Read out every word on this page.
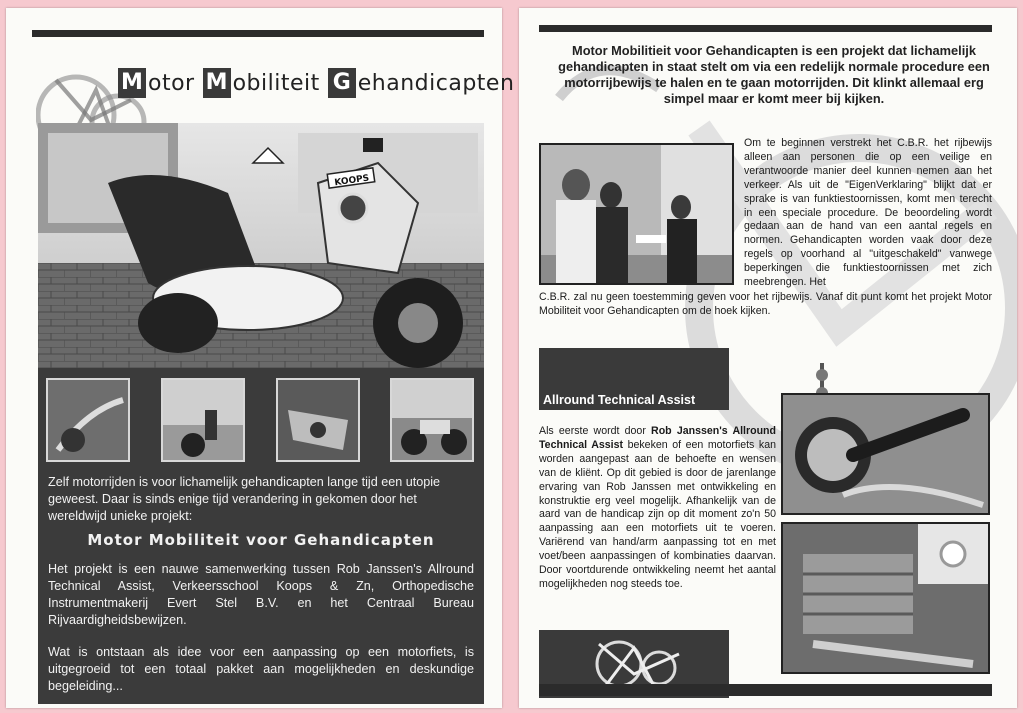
M otor M obiliteit G ehandicapten
KOOPS
Zelf motorrijden is voor lichamelijk gehandicapten lange tijd een utopie geweest. Daar is sinds enige tijd verandering in gekomen door het wereldwijd unieke projekt:
Motor Mobiliteit voor Gehandicapten
Het projekt is een nauwe samenwerking tussen Rob Janssen's Allround Technical Assist, Verkeersschool Koops & Zn, Orthopedische Instrumentmakerij Evert Stel B.V. en het Centraal Bureau Rijvaardigheidsbewijzen.
Wat is ontstaan als idee voor een aanpassing op een motorfiets, is uitgegroeid tot een totaal pakket aan mogelijkheden en deskundige begeleiding...
Motor Mobilitieit voor Gehandicapten is een projekt dat lichamelijk gehandicapten in staat stelt om via een redelijk normale procedure een motorrijbewijs te halen en te gaan motorrijden. Dit klinkt allemaal erg simpel maar er komt meer bij kijken.
Om te beginnen verstrekt het C.B.R. het rijbewijs alleen aan personen die op een veilige en verantwoorde manier deel kunnen nemen aan het verkeer. Als uit de "EigenVerklaring" blijkt dat er sprake is van funktiestoornissen, komt men terecht in een speciale procedure. De beoordeling wordt gedaan aan de hand van een aantal regels en normen. Gehandicapten worden vaak door deze regels op voorhand al "uitgeschakeld" vanwege beperkingen die funktiestoornissen met zich meebrengen. Het
C.B.R. zal nu geen toestemming geven voor het rijbewijs. Vanaf dit punt komt het projekt Motor Mobiliteit voor Gehandicapten om de hoek kijken.
Allround Technical Assist
Als eerste wordt door Rob Janssen's Allround Technical Assist bekeken of een motorfiets kan worden aangepast aan de behoefte en wensen van de kliënt. Op dit gebied is door de jarenlange ervaring van Rob Janssen met ontwikkeling en konstruktie erg veel mogelijk. Afhankelijk van de aard van de handicap zijn op dit moment zo'n 50 aanpassing aan een motorfiets uit te voeren. Variërend van hand/arm aanpassing tot en met voet/been aanpassingen of kombinaties daarvan. Door voortdurende ontwikkeling neemt het aantal mogelijkheden nog steeds toe.
